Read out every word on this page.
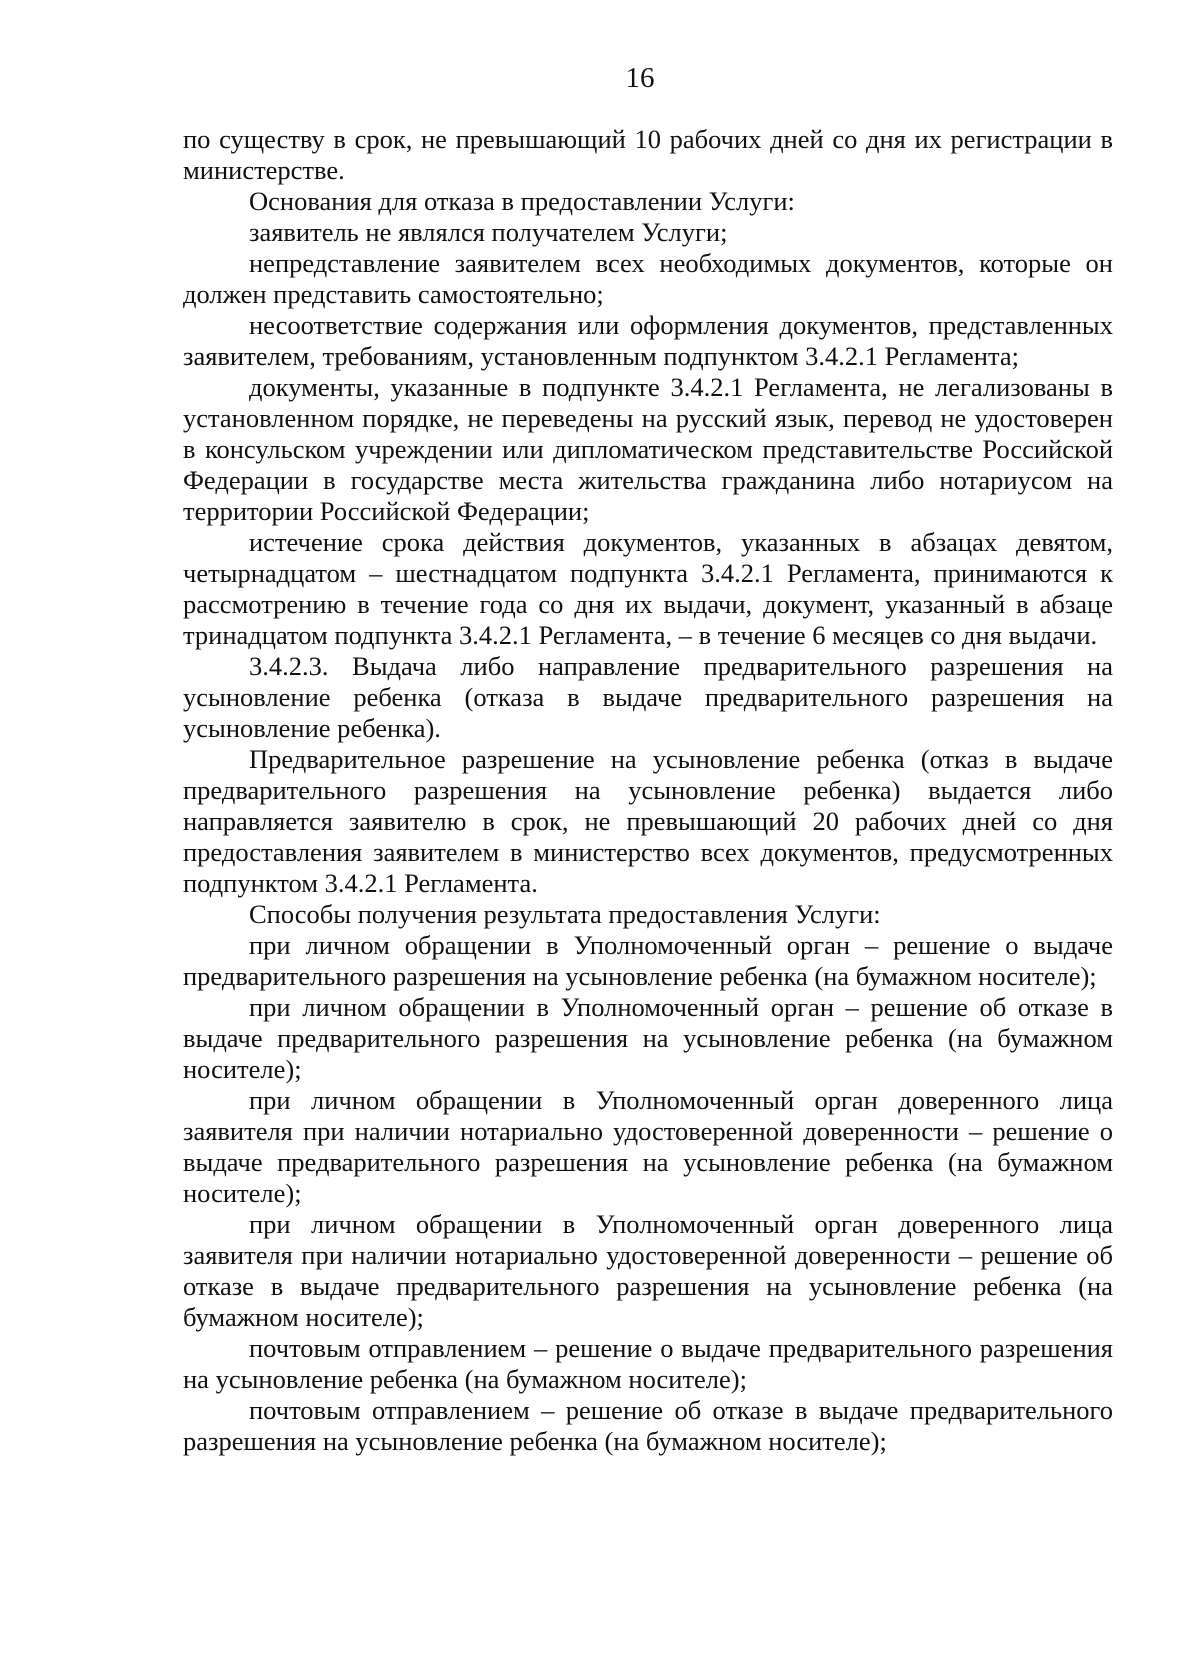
16

по существу в срок, не превышающий 10 рабочих дней со дня их регистрации в министерстве.

Основания для отказа в предоставлении Услуги:

заявитель не являлся получателем Услуги;

непредставление заявителем всех необходимых документов, которые он должен представить самостоятельно;

несоответствие содержания или оформления документов, представленных заявителем, требованиям, установленным подпунктом 3.4.2.1 Регламента;

документы, указанные в подпункте 3.4.2.1 Регламента, не легализованы в установленном порядке, не переведены на русский язык, перевод не удостоверен в консульском учреждении или дипломатическом представительстве Российской Федерации в государстве места жительства гражданина либо нотариусом на территории Российской Федерации;

истечение срока действия документов, указанных в абзацах девятом, четырнадцатом – шестнадцатом подпункта 3.4.2.1 Регламента, принимаются к рассмотрению в течение года со дня их выдачи, документ, указанный в абзаце тринадцатом подпункта 3.4.2.1 Регламента, – в течение 6 месяцев со дня выдачи.

3.4.2.3. Выдача либо направление предварительного разрешения на усыновление ребенка (отказа в выдаче предварительного разрешения на усыновление ребенка).

Предварительное разрешение на усыновление ребенка (отказ в выдаче предварительного разрешения на усыновление ребенка) выдается либо направляется заявителю в срок, не превышающий 20 рабочих дней со дня предоставления заявителем в министерство всех документов, предусмотренных подпунктом 3.4.2.1 Регламента.

Способы получения результата предоставления Услуги:

при личном обращении в Уполномоченный орган – решение о выдаче предварительного разрешения на усыновление ребенка (на бумажном носителе);

при личном обращении в Уполномоченный орган – решение об отказе в выдаче предварительного разрешения на усыновление ребенка (на бумажном носителе);

при личном обращении в Уполномоченный орган доверенного лица заявителя при наличии нотариально удостоверенной доверенности – решение о выдаче предварительного разрешения на усыновление ребенка (на бумажном носителе);

при личном обращении в Уполномоченный орган доверенного лица заявителя при наличии нотариально удостоверенной доверенности – решение об отказе в выдаче предварительного разрешения на усыновление ребенка (на бумажном носителе);

почтовым отправлением – решение о выдаче предварительного разрешения на усыновление ребенка (на бумажном носителе);

почтовым отправлением – решение об отказе в выдаче предварительного разрешения на усыновление ребенка (на бумажном носителе);
